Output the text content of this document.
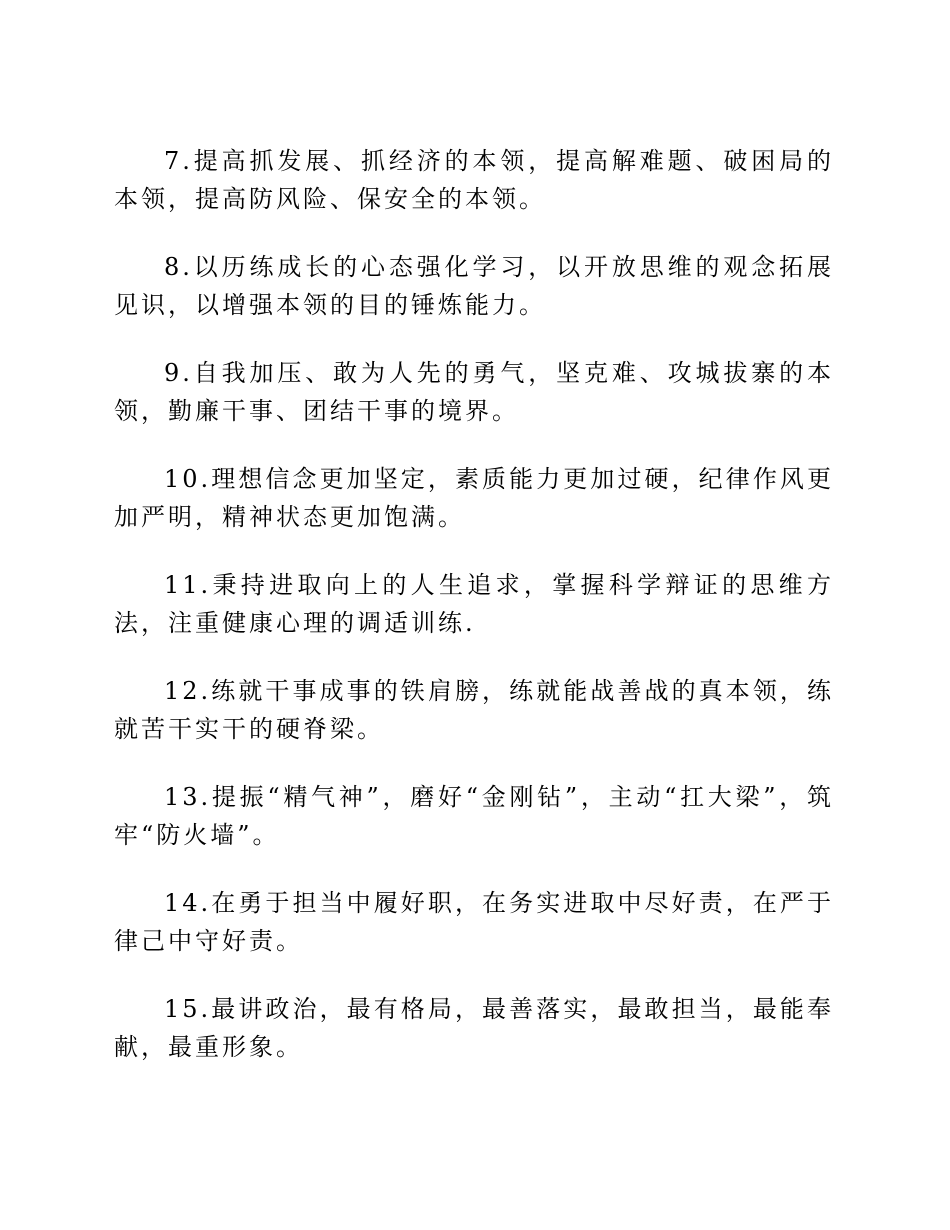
7.提高抓发展、抓经济的本领，提高解难题、破困局的本领，提高防风险、保安全的本领。

8.以历练成长的心态强化学习，以开放思维的观念拓展见识，以增强本领的目的锤炼能力。

9.自我加压、敢为人先的勇气，坚克难、攻城拔寨的本领，勤廉干事、团结干事的境界。

10.理想信念更加坚定，素质能力更加过硬，纪律作风更加严明，精神状态更加饱满。

11.秉持进取向上的人生追求，掌握科学辩证的思维方法，注重健康心理的调适训练.

12.练就干事成事的铁肩膀，练就能战善战的真本领，练就苦干实干的硬脊梁。

13.提振“精气神”，磨好“金刚钻”，主动“扛大梁”，筑牢“防火墙”。

14.在勇于担当中履好职，在务实进取中尽好责，在严于律己中守好责。

15.最讲政治，最有格局，最善落实，最敢担当，最能奉献，最重形象。
